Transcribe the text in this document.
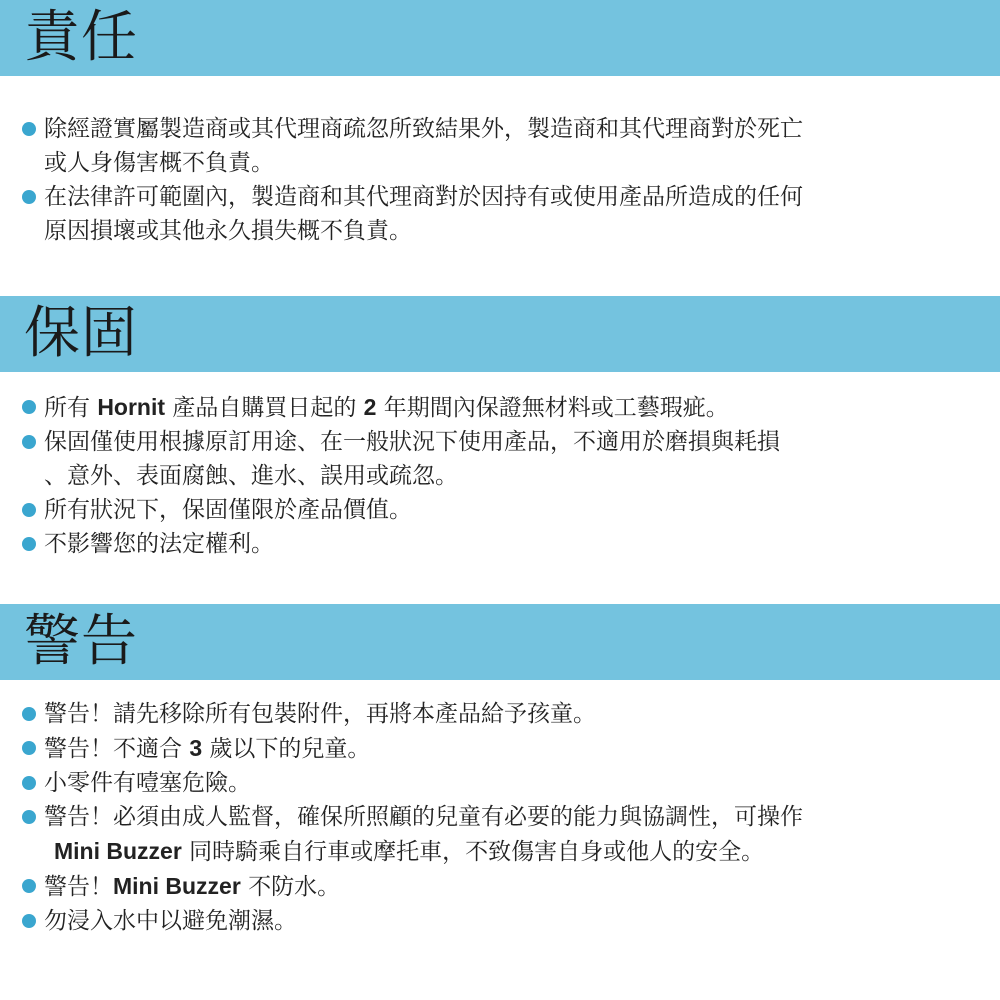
責任
除經證實屬製造商或其代理商疏忽所致結果外，製造商和其代理商對於死亡
或人身傷害概不負責。
在法律許可範圍內，製造商和其代理商對於因持有或使用產品所造成的任何
原因損壞或其他永久損失概不負責。
保固
所有 Hornit 產品自購買日起的 2 年期間內保證無材料或工藝瑕疵。
保固僅使用根據原訂用途、在一般狀況下使用產品，不適用於磨損與耗損
、意外、表面腐蝕、進水、誤用或疏忽。
所有狀況下，保固僅限於產品價值。
不影響您的法定權利。
警告
警告！請先移除所有包裝附件，再將本產品給予孩童。
警告！不適合 3 歲以下的兒童。
小零件有噎塞危險。
警告！必須由成人監督，確保所照顧的兒童有必要的能力與協調性，可操作
Mini Buzzer 同時騎乘自行車或摩托車，不致傷害自身或他人的安全。
警告！Mini Buzzer 不防水。
勿浸入水中以避免潮濕。
